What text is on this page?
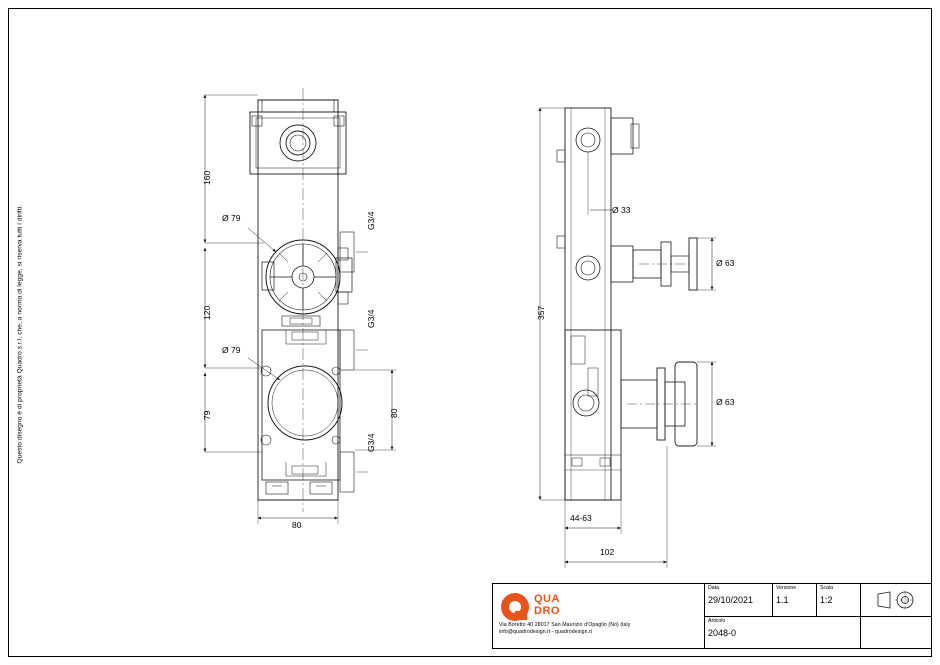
Questo disegno è di proprietà Quadro s.r.l. che, a norma di legge, si riserva tutti i diritti.
160
120
79
80
80
Ø 79
Ø 79
G3/4
G3/4
G3/4
357
Ø 33
Ø 63
Ø 63
44-63
102
QUA
DRO
Via Boretto 40 28017 San Maurizio d'Opaglio (No) Italy
info@quadrodesign.it - quadrodesign.it
Data
29/10/2021
Versione
1.1
Scala
1:2
Articolo
2048-0
